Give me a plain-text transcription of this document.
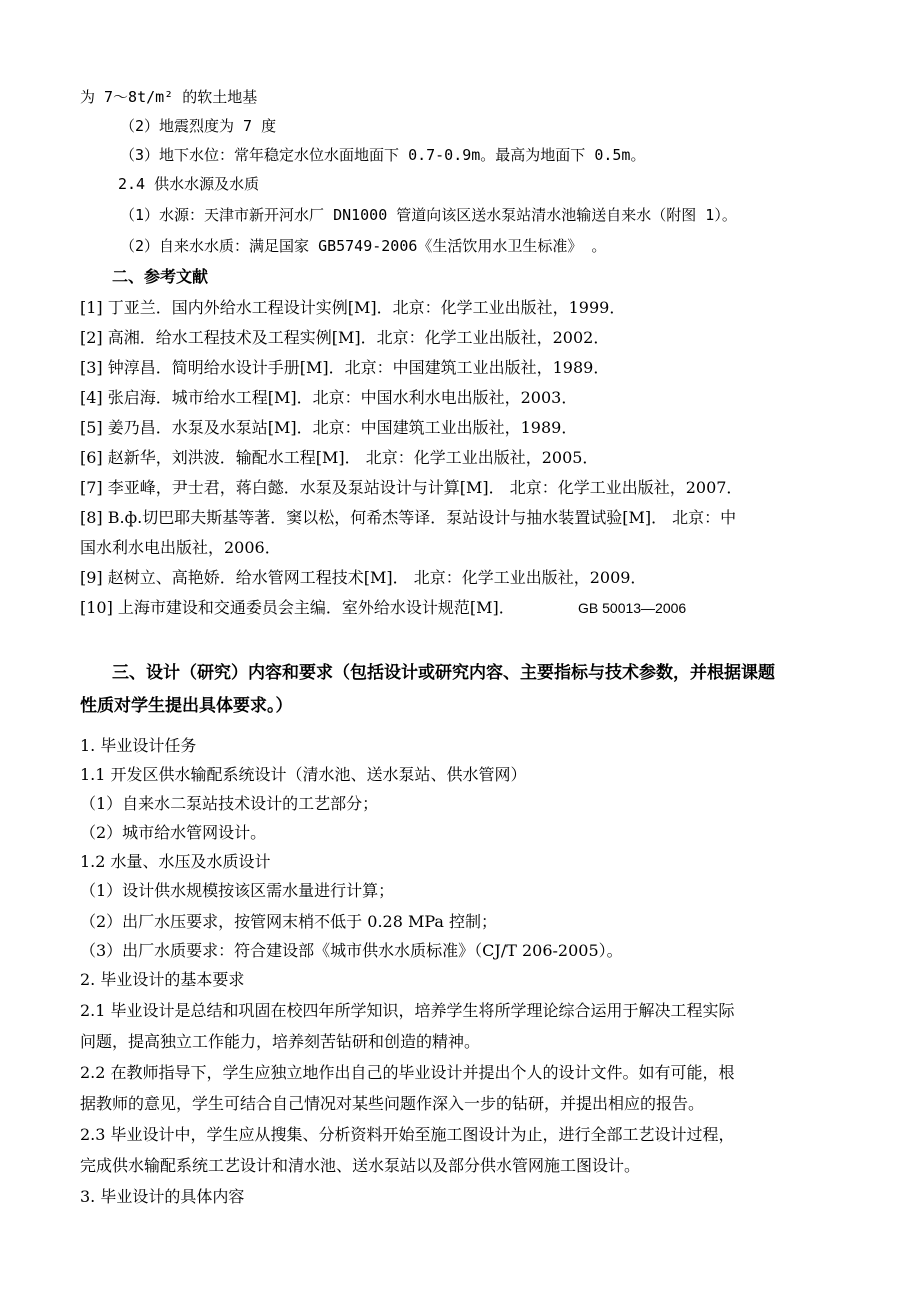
为 7～8t/m² 的软土地基
（2）地震烈度为 7 度
（3）地下水位：常年稳定水位水面地面下 0.7-0.9m。最高为地面下 0.5m。
2.4 供水水源及水质
（1）水源：天津市新开河水厂 DN1000 管道向该区送水泵站清水池输送自来水（附图 1）。
（2）自来水水质：满足国家 GB5749-2006《生活饮用水卫生标准》 。
二、参考文献
[1] 丁亚兰．国内外给水工程设计实例[M]．北京：化学工业出版社，1999．
[2] 高湘．给水工程技术及工程实例[M]．北京：化学工业出版社，2002．
[3] 钟淳昌．简明给水设计手册[M]．北京：中国建筑工业出版社，1989．
[4] 张启海．城市给水工程[M]．北京：中国水利水电出版社，2003．
[5] 姜乃昌．水泵及水泵站[M]．北京：中国建筑工业出版社，1989．
[6] 赵新华，刘洪波．输配水工程[M]． 北京：化学工业出版社，2005．
[7] 李亚峰，尹士君，蒋白懿．水泵及泵站设计与计算[M]． 北京：化学工业出版社，2007．
[8] B.ф.切巴耶夫斯基等著．窦以松，何希杰等译．泵站设计与抽水装置试验[M]． 北京：中
国水利水电出版社，2006．
[9] 赵树立、高艳娇．给水管网工程技术[M]． 北京：化学工业出版社，2009．
[10] 上海市建设和交通委员会主编．室外给水设计规范[M]．	GB 50013—2006
三、设计（研究）内容和要求（包括设计或研究内容、主要指标与技术参数，并根据课题
性质对学生提出具体要求。）
1. 毕业设计任务
1.1 开发区供水输配系统设计（清水池、送水泵站、供水管网）
（1）自来水二泵站技术设计的工艺部分；
（2）城市给水管网设计。
1.2 水量、水压及水质设计
（1）设计供水规模按该区需水量进行计算；
（2）出厂水压要求，按管网末梢不低于 0.28 MPa 控制；
（3）出厂水质要求：符合建设部《城市供水水质标准》（CJ/T 206-2005）。
2. 毕业设计的基本要求
2.1 毕业设计是总结和巩固在校四年所学知识，培养学生将所学理论综合运用于解决工程实际
问题，提高独立工作能力，培养刻苦钻研和创造的精神。
2.2 在教师指导下，学生应独立地作出自己的毕业设计并提出个人的设计文件。如有可能，根
据教师的意见，学生可结合自己情况对某些问题作深入一步的钻研，并提出相应的报告。
2.3 毕业设计中，学生应从搜集、分析资料开始至施工图设计为止，进行全部工艺设计过程，
完成供水输配系统工艺设计和清水池、送水泵站以及部分供水管网施工图设计。
3. 毕业设计的具体内容
